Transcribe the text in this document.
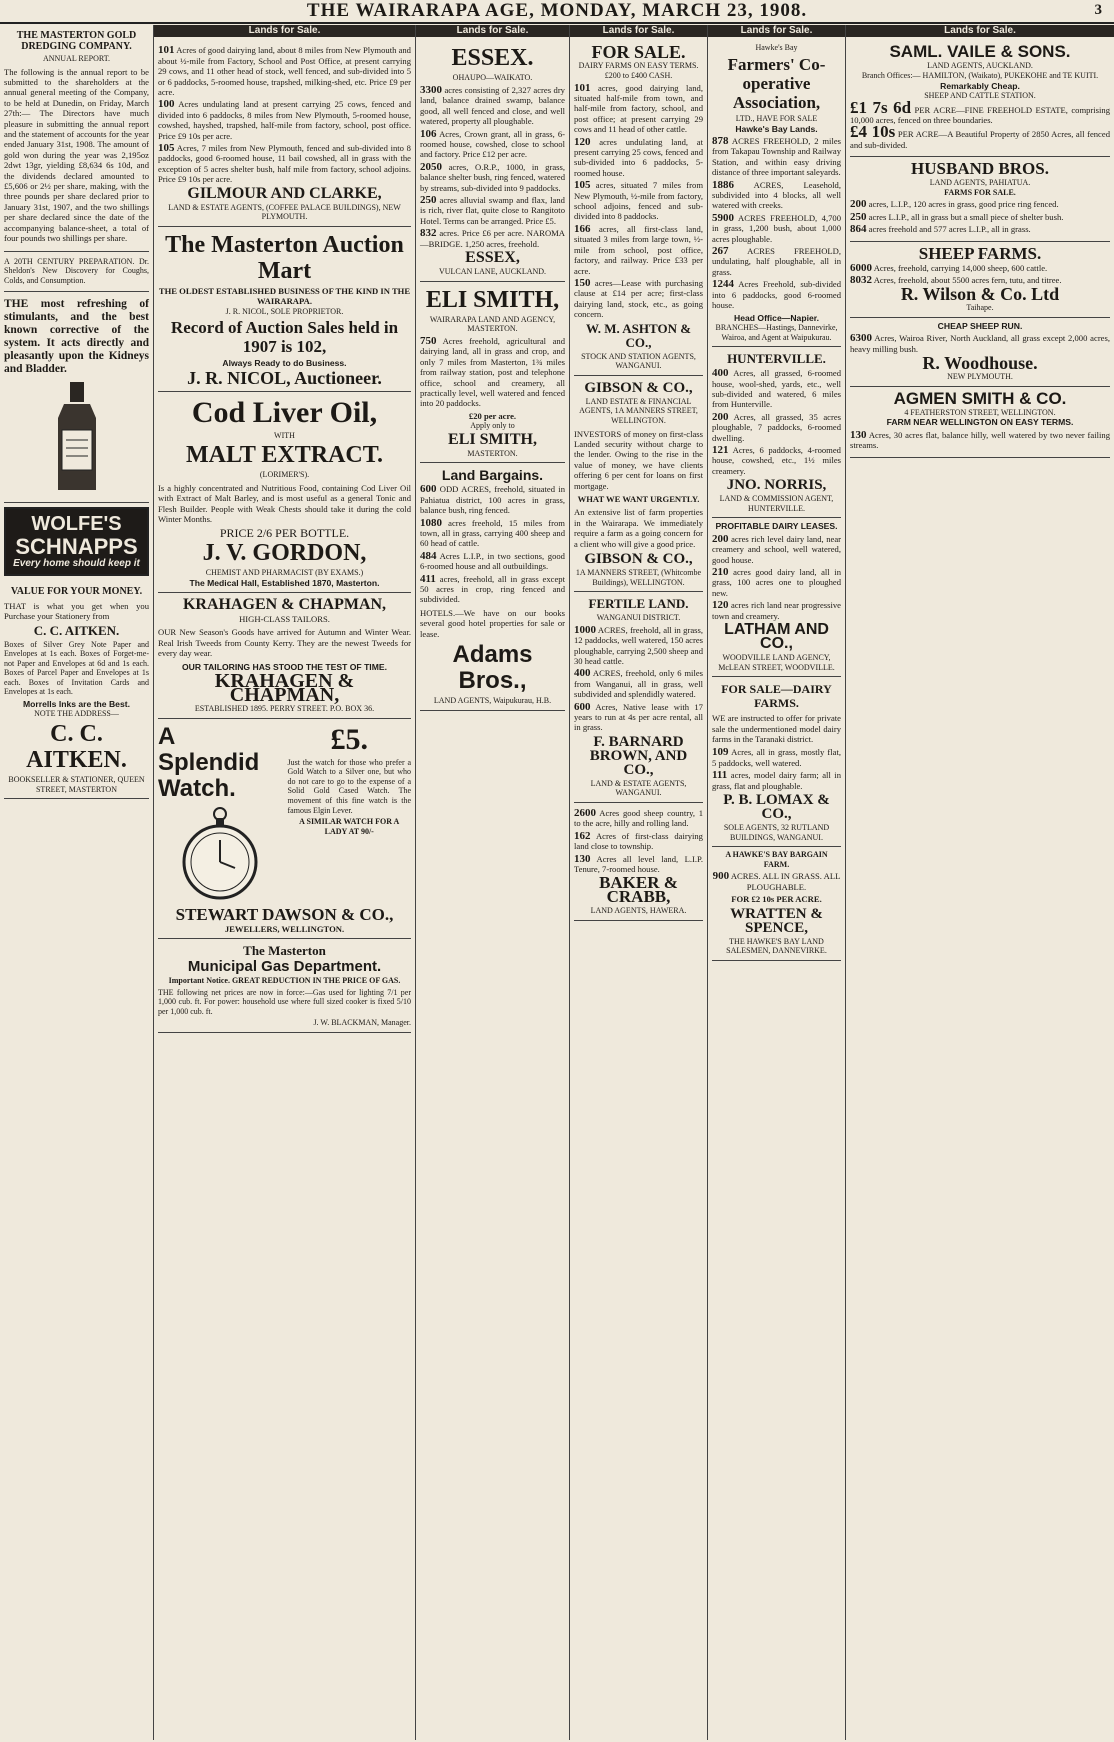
THE WAIRARAPA AGE, MONDAY, MARCH 23, 1908.	3
THE MASTERTON GOLD DREDGING COMPANY.
ANNUAL REPORT.

The following is the annual report to be submitted to the shareholders at the annual general meeting of the Company, to be held at Dunedin, on Friday, March 27th:— The Directors have much pleasure in submitting the annual report and the statement of accounts for the year ended January 31st, 1908. The amount of gold won during the year was 2,195oz 2dwt 13gr, yielding £8,634 6s 10d, and the dividends declared amounted to £5,606 or 2½ per share, making, with the three pounds per share declared prior to January 31st, 1907, and the two shillings per share declared since the date of the accompanying balance-sheet, a total of four pounds two shillings per share.

A 20TH CENTURY PREPARATION. Dr. Sheldon's New Discovery for Coughs, Colds, and Consumption.

THE most refreshing of stimulants, and the best known corrective of the system. It acts directly and pleasantly upon the Kidneys and Bladder.

WOLFE'S
SCHNAPPS
Every home should keep it
VALUE FOR YOUR MONEY.

THAT is what you get when you Purchase your Stationery from

C. C. AITKEN.

Boxes of Silver Grey Note Paper and Envelopes at 1s each. Boxes of Forget-me-not Paper and Envelopes at 6d and 1s each. Boxes of Parcel Paper and Envelopes at 1s each. Boxes of Invitation Cards and Envelopes at 1s each.

Morrells Inks are the Best.
NOTE THE ADDRESS—
C. C. AITKEN.
BOOKSELLER & STATIONER, QUEEN STREET, MASTERTON
Lands for Sale.
101 Acres of good dairying land, about 8 miles from New Plymouth and about ½-mile from Factory, School and Post Office, at present carrying 29 cows, and 11 other head of stock, well fenced, and sub-divided into 5 or 6 paddocks, 5-roomed house, trapshed, milking-shed, etc. Price £9 per acre.
100 Acres undulating land at present carrying 25 cows, fenced and divided into 6 paddocks, 8 miles from New Plymouth, 5-roomed house, cowshed, hayshed, trapshed, half-mile from factory, school, post office. Price £9 10s per acre.
105 Acres, 7 miles from New Plymouth, fenced and sub-divided into 8 paddocks, good 6-roomed house, 11 bail cowshed, all in grass with the exception of 5 acres shelter bush, half mile from factory, school adjoins. Price £9 10s per acre.
GILMOUR AND CLARKE,
LAND & ESTATE AGENTS, (COFFEE PALACE BUILDINGS), NEW PLYMOUTH.
The Masterton Auction Mart
THE OLDEST ESTABLISHED BUSINESS OF THE KIND IN THE WAIRARAPA.
J. R. NICOL, SOLE PROPRIETOR.
Record of Auction Sales held in 1907 is 102,
Always Ready to do Business.
J. R. NICOL, Auctioneer.
Cod Liver Oil,
WITH
MALT EXTRACT.
(LORIMER'S).

Is a highly concentrated and Nutritious Food, containing Cod Liver Oil with Extract of Malt Barley, and is most useful as a general Tonic and Flesh Builder. People with Weak Chests should take it during the cold Winter Months.

PRICE 2/6 PER BOTTLE.
J. V. GORDON,
CHEMIST AND PHARMACIST (BY EXAMS.)
The Medical Hall, Established 1870, Masterton.
KRAHAGEN & CHAPMAN,
HIGH-CLASS TAILORS.

OUR New Season's Goods have arrived for Autumn and Winter Wear. Real Irish Tweeds from County Kerry. They are the newest Tweeds for every day wear.

OUR TAILORING HAS STOOD THE TEST OF TIME.
KRAHAGEN & CHAPMAN,
ESTABLISHED 1895. PERRY STREET. P.O. BOX 36.
A Splendid Watch.
£5.

Just the watch for those who prefer a Gold Watch to a Silver one, but who do not care to go to the expense of a Solid Gold Cased Watch. The movement of this fine watch is the famous Elgin Lever.

A SIMILAR WATCH FOR A LADY AT 90/-
STEWART DAWSON & CO.,
JEWELLERS, WELLINGTON.
The Masterton
Municipal Gas Department.
Important Notice. GREAT REDUCTION IN THE PRICE OF GAS.

THE following net prices are now in force:—Gas used for lighting 7/1 per 1,000 cub. ft. For power: household use where full sized cooker is fixed 5/10 per 1,000 cub. ft.

J. W. BLACKMAN, Manager.
Lands for Sale.
ESSEX.
OHAUPO—WAIKATO.
3300 acres consisting of 2,327 acres dry land, balance drained swamp, balance good, all well fenced and close, and well watered, property all ploughable.
106 Acres, Crown grant, all in grass, 6-roomed house, cowshed, close to school and factory. Price £12 per acre.
2050 acres, O.R.P., 1000, in grass, balance shelter bush, ring fenced, watered by streams, sub-divided into 9 paddocks.
250 acres alluvial swamp and flax, land is rich, river flat, quite close to Rangitoto Hotel. Terms can be arranged. Price £5.
832 acres. Price £6 per acre. NAROMA—BRIDGE. 1,250 acres, freehold.
ESSEX,
VULCAN LANE, AUCKLAND.
ELI SMITH,
WAIRARAPA LAND AND AGENCY, MASTERTON.
750 Acres freehold, agricultural and dairying land, all in grass and crop, and only 7 miles from Masterton, 1¾ miles from railway station, post and telephone office, school and creamery, all practically level, well watered and fenced into 20 paddocks.
£20 per acre.
Apply only to
ELI SMITH,
MASTERTON.
Land Bargains.
600 ODD ACRES, freehold, situated in Pahiatua district, 100 acres in grass, balance bush, ring fenced.
1080 acres freehold, 15 miles from town, all in grass, carrying 400 sheep and 60 head of cattle.
484 Acres L.I.P., in two sections, good 6-roomed house and all outbuildings.
411 acres, freehold, all in grass except 50 acres in crop, ring fenced and subdivided.

HOTELS.—We have on our books several good hotel properties for sale or lease.

Adams Bros.,
LAND AGENTS, Waipukurau, H.B.
Lands for Sale.
FOR SALE.
DAIRY FARMS ON EASY TERMS. £200 to £400 CASH.
101 acres, good dairying land, situated half-mile from town, and half-mile from factory, school, and post office; at present carrying 29 cows and 11 head of other cattle.
120 acres undulating land, at present carrying 25 cows, fenced and sub-divided into 6 paddocks, 5-roomed house.
105 acres, situated 7 miles from New Plymouth, ½-mile from factory, school adjoins, fenced and sub-divided into 8 paddocks.
166 acres, all first-class land, situated 3 miles from large town, ½-mile from school, post office, factory, and railway. Price £33 per acre.
150 acres—Lease with purchasing clause at £14 per acre; first-class dairying land, stock, etc., as going concern.
W. M. ASHTON & CO.,
STOCK AND STATION AGENTS, WANGANUI.
GIBSON & CO.,
LAND ESTATE & FINANCIAL AGENTS, 1A MANNERS STREET, WELLINGTON.

INVESTORS of money on first-class Landed security without charge to the lender. Owing to the rise in the value of money, we have clients offering 6 per cent for loans on first mortgage.

WHAT WE WANT URGENTLY.

An extensive list of farm properties in the Wairarapa. We immediately require a farm as a going concern for a client who will give a good price.

GIBSON & CO.,
1A MANNERS STREET, (Whitcombe Buildings), WELLINGTON.
FERTILE LAND.
WANGANUI DISTRICT.
1000 ACRES, freehold, all in grass, 12 paddocks, well watered, 150 acres ploughable, carrying 2,500 sheep and 30 head cattle.
400 ACRES, freehold, only 6 miles from Wanganui, all in grass, well subdivided and splendidly watered.
600 Acres, Native lease with 17 years to run at 4s per acre rental, all in grass.
F. BARNARD BROWN, AND CO.,
LAND & ESTATE AGENTS, WANGANUI.
2600 Acres good sheep country, 1 to the acre, hilly and rolling land.
162 Acres of first-class dairying land close to township.
130 Acres all level land, L.I.P. Tenure, 7-roomed house.
BAKER & CRABB,
LAND AGENTS, HAWERA.
Lands for Sale.
Hawke's Bay
Farmers' Co-operative Association,
LTD., HAVE FOR SALE
Hawke's Bay Lands.
878 ACRES FREEHOLD, 2 miles from Takapau Township and Railway Station, and within easy driving distance of three important saleyards.
1886 ACRES, Leasehold, subdivided into 4 blocks, all well watered with creeks.
5900 ACRES FREEHOLD, 4,700 in grass, 1,200 bush, about 1,000 acres ploughable.
267 ACRES FREEHOLD, undulating, half ploughable, all in grass.
1244 Acres Freehold, sub-divided into 6 paddocks, good 6-roomed house.
Head Office—Napier.
BRANCHES—Hastings, Dannevirke, Wairoa, and Agent at Waipukurau.
HUNTERVILLE.
400 Acres, all grassed, 6-roomed house, wool-shed, yards, etc., well sub-divided and watered, 6 miles from Hunterville.
200 Acres, all grassed, 35 acres ploughable, 7 paddocks, 6-roomed dwelling.
121 Acres, 6 paddocks, 4-roomed house, cowshed, etc., 1½ miles creamery.
JNO. NORRIS,
LAND & COMMISSION AGENT, HUNTERVILLE.
PROFITABLE DAIRY LEASES.
200 acres rich level dairy land, near creamery and school, well watered, good house.
210 acres good dairy land, all in grass, 100 acres one to ploughed new.
120 acres rich land near progressive town and creamery.
LATHAM AND CO.,
WOODVILLE LAND AGENCY, McLEAN STREET, WOODVILLE.
FOR SALE—DAIRY FARMS.

WE are instructed to offer for private sale the undermentioned model dairy farms in the Taranaki district.

109 Acres, all in grass, mostly flat, 5 paddocks, well watered.
111 acres, model dairy farm; all in grass, flat and ploughable.
P. B. LOMAX & CO.,
SOLE AGENTS, 32 RUTLAND BUILDINGS, WANGANUI.
A HAWKE'S BAY BARGAIN FARM.
900 ACRES. ALL IN GRASS. ALL PLOUGHABLE.
FOR £2 10s PER ACRE.
WRATTEN & SPENCE,
THE HAWKE'S BAY LAND SALESMEN, DANNEVIRKE.
Lands for Sale.
SAML. VAILE & SONS.
LAND AGENTS, AUCKLAND.
Branch Offices:— HAMILTON, (Waikato), PUKEKOHE and TE KUITI.
Remarkably Cheap.
SHEEP AND CATTLE STATION.
£1 7s 6d PER ACRE—FINE FREEHOLD ESTATE, comprising 10,000 acres, fenced on three boundaries.
£4 10s PER ACRE—A Beautiful Property of 2850 Acres, all fenced and sub-divided.
HUSBAND BROS.
LAND AGENTS, PAHIATUA.
FARMS FOR SALE.
200 acres, L.I.P., 120 acres in grass, good price ring fenced.
250 acres L.I.P., all in grass but a small piece of shelter bush.
864 acres freehold and 577 acres L.I.P., all in grass.
SHEEP FARMS.
6000 Acres, freehold, carrying 14,000 sheep, 600 cattle.
8032 Acres, freehold, about 5500 acres fern, tutu, and titree.
R. Wilson & Co. Ltd
Taihape.
CHEAP SHEEP RUN.
6300 Acres, Wairoa River, North Auckland, all grass except 2,000 acres, heavy milling bush.
R. Woodhouse.
NEW PLYMOUTH.
AGMEN SMITH & CO.
4 FEATHERSTON STREET, WELLINGTON.
FARM NEAR WELLINGTON ON EASY TERMS.
130 Acres, 30 acres flat, balance hilly, well watered by two never failing streams.
